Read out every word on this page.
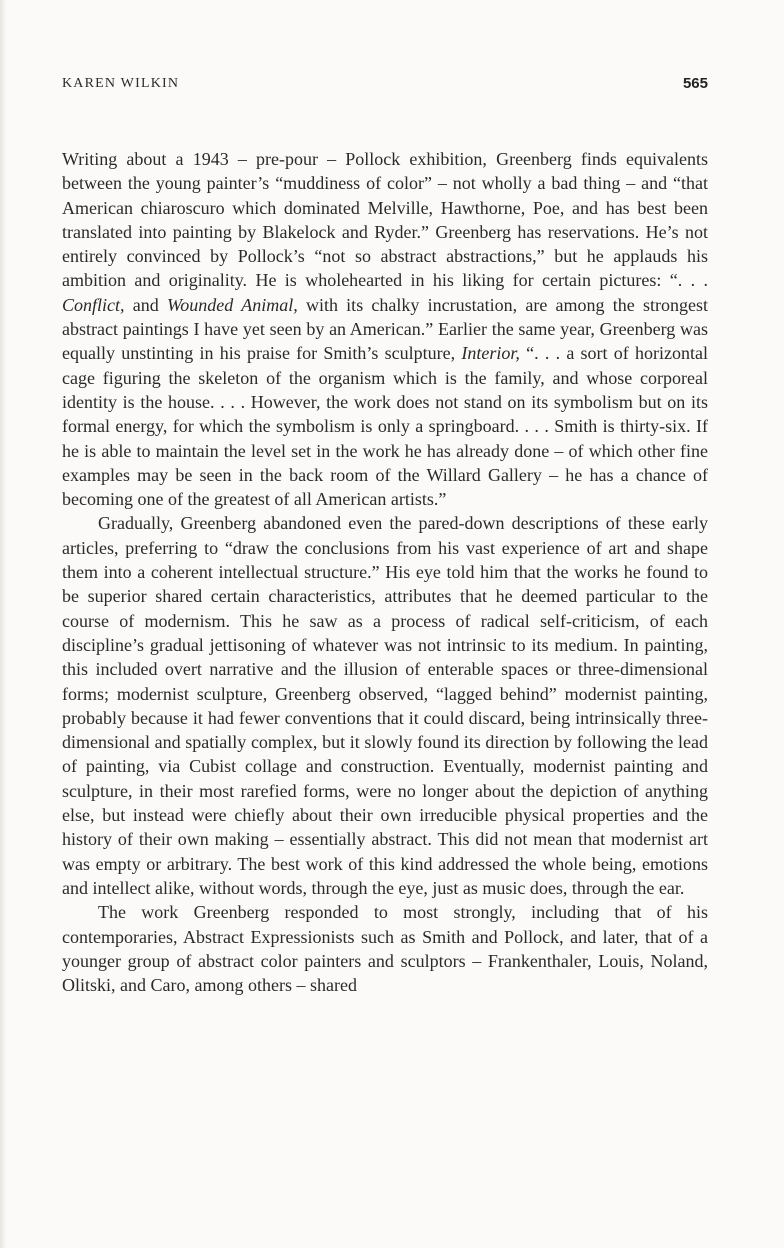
KAREN WILKIN	565

Writing about a 1943 – pre-pour – Pollock exhibition, Greenberg finds equivalents between the young painter’s “muddiness of color” – not wholly a bad thing – and “that American chiaroscuro which dominated Melville, Hawthorne, Poe, and has best been translated into painting by Blakelock and Ryder.” Greenberg has reservations. He’s not entirely convinced by Pollock’s “not so abstract abstractions,” but he applauds his ambition and originality. He is wholehearted in his liking for certain pictures: “. . . Conflict, and Wounded Animal, with its chalky incrustation, are among the strongest abstract paintings I have yet seen by an American.” Earlier the same year, Greenberg was equally unstinting in his praise for Smith’s sculpture, Interior, “. . . a sort of horizontal cage figuring the skeleton of the organism which is the family, and whose corporeal identity is the house. . . . However, the work does not stand on its symbolism but on its formal energy, for which the symbolism is only a springboard. . . . Smith is thirty-six. If he is able to maintain the level set in the work he has already done – of which other fine examples may be seen in the back room of the Willard Gallery – he has a chance of becoming one of the greatest of all American artists.”

Gradually, Greenberg abandoned even the pared-down descriptions of these early articles, preferring to “draw the conclusions from his vast experience of art and shape them into a coherent intellectual structure.” His eye told him that the works he found to be superior shared certain characteristics, attributes that he deemed particular to the course of modernism. This he saw as a process of radical self-criticism, of each discipline’s gradual jettisoning of whatever was not intrinsic to its medium. In painting, this included overt narrative and the illusion of enterable spaces or three-dimensional forms; modernist sculpture, Greenberg observed, “lagged behind” modernist painting, probably because it had fewer conventions that it could discard, being intrinsically three-dimensional and spatially complex, but it slowly found its direction by following the lead of painting, via Cubist collage and construction. Eventually, modernist painting and sculpture, in their most rarefied forms, were no longer about the depiction of anything else, but instead were chiefly about their own irreducible physical properties and the history of their own making – essentially abstract. This did not mean that modernist art was empty or arbitrary. The best work of this kind addressed the whole being, emotions and intellect alike, without words, through the eye, just as music does, through the ear.

The work Greenberg responded to most strongly, including that of his contemporaries, Abstract Expressionists such as Smith and Pollock, and later, that of a younger group of abstract color painters and sculptors – Frankenthaler, Louis, Noland, Olitski, and Caro, among others – shared
